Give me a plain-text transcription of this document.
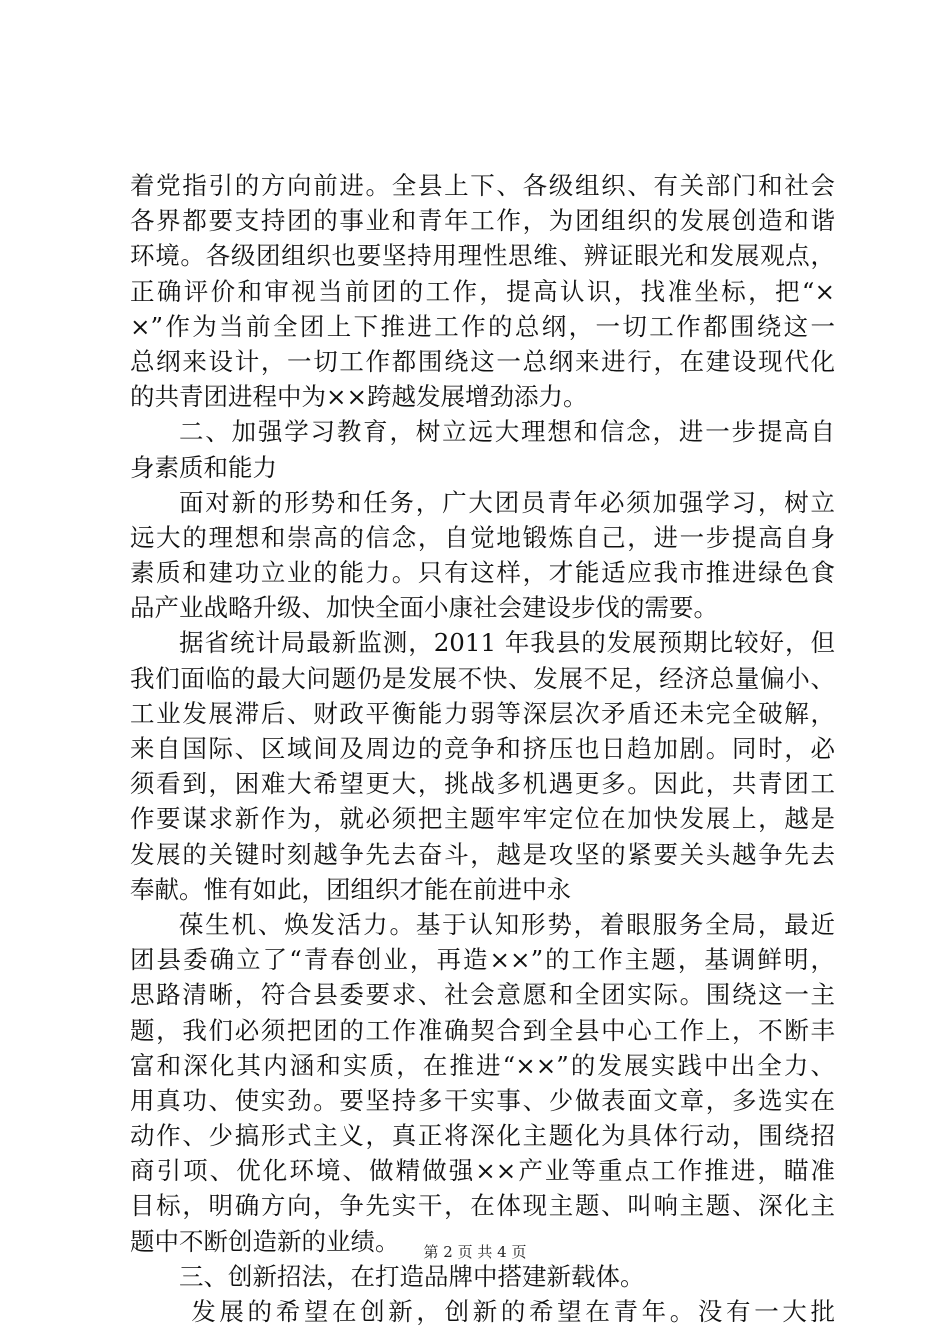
着党指引的方向前进。全县上下、各级组织、有关部门和社会
各界都要支持团的事业和青年工作，为团组织的发展创造和谐
环境。各级团组织也要坚持用理性思维、辨证眼光和发展观点，
正确评价和审视当前团的工作，提高认识，找准坐标，把“×
×”作为当前全团上下推进工作的总纲，一切工作都围绕这一
总纲来设计，一切工作都围绕这一总纲来进行，在建设现代化
的共青团进程中为××跨越发展增劲添力。
二、加强学习教育，树立远大理想和信念，进一步提高自
身素质和能力
面对新的形势和任务，广大团员青年必须加强学习，树立
远大的理想和崇高的信念，自觉地锻炼自己，进一步提高自身
素质和建功立业的能力。只有这样，才能适应我市推进绿色食
品产业战略升级、加快全面小康社会建设步伐的需要。
据省统计局最新监测，2011 年我县的发展预期比较好，但
我们面临的最大问题仍是发展不快、发展不足，经济总量偏小、
工业发展滞后、财政平衡能力弱等深层次矛盾还未完全破解，
来自国际、区域间及周边的竞争和挤压也日趋加剧。同时，必
须看到，困难大希望更大，挑战多机遇更多。因此，共青团工
作要谋求新作为，就必须把主题牢牢定位在加快发展上，越是
发展的关键时刻越争先去奋斗，越是攻坚的紧要关头越争先去
奉献。惟有如此，团组织才能在前进中永
葆生机、焕发活力。基于认知形势，着眼服务全局，最近
团县委确立了“青春创业，再造××”的工作主题，基调鲜明，
思路清晰，符合县委要求、社会意愿和全团实际。围绕这一主
题，我们必须把团的工作准确契合到全县中心工作上，不断丰
富和深化其内涵和实质，在推进“××”的发展实践中出全力、
用真功、使实劲。要坚持多干实事、少做表面文章，多选实在
动作、少搞形式主义，真正将深化主题化为具体行动，围绕招
商引项、优化环境、做精做强××产业等重点工作推进，瞄准
目标，明确方向，争先实干，在体现主题、叫响主题、深化主
题中不断创造新的业绩。
三、创新招法，在打造品牌中搭建新载体。
发展的希望在创新，创新的希望在青年。没有一大批
第 2 页 共 4 页
